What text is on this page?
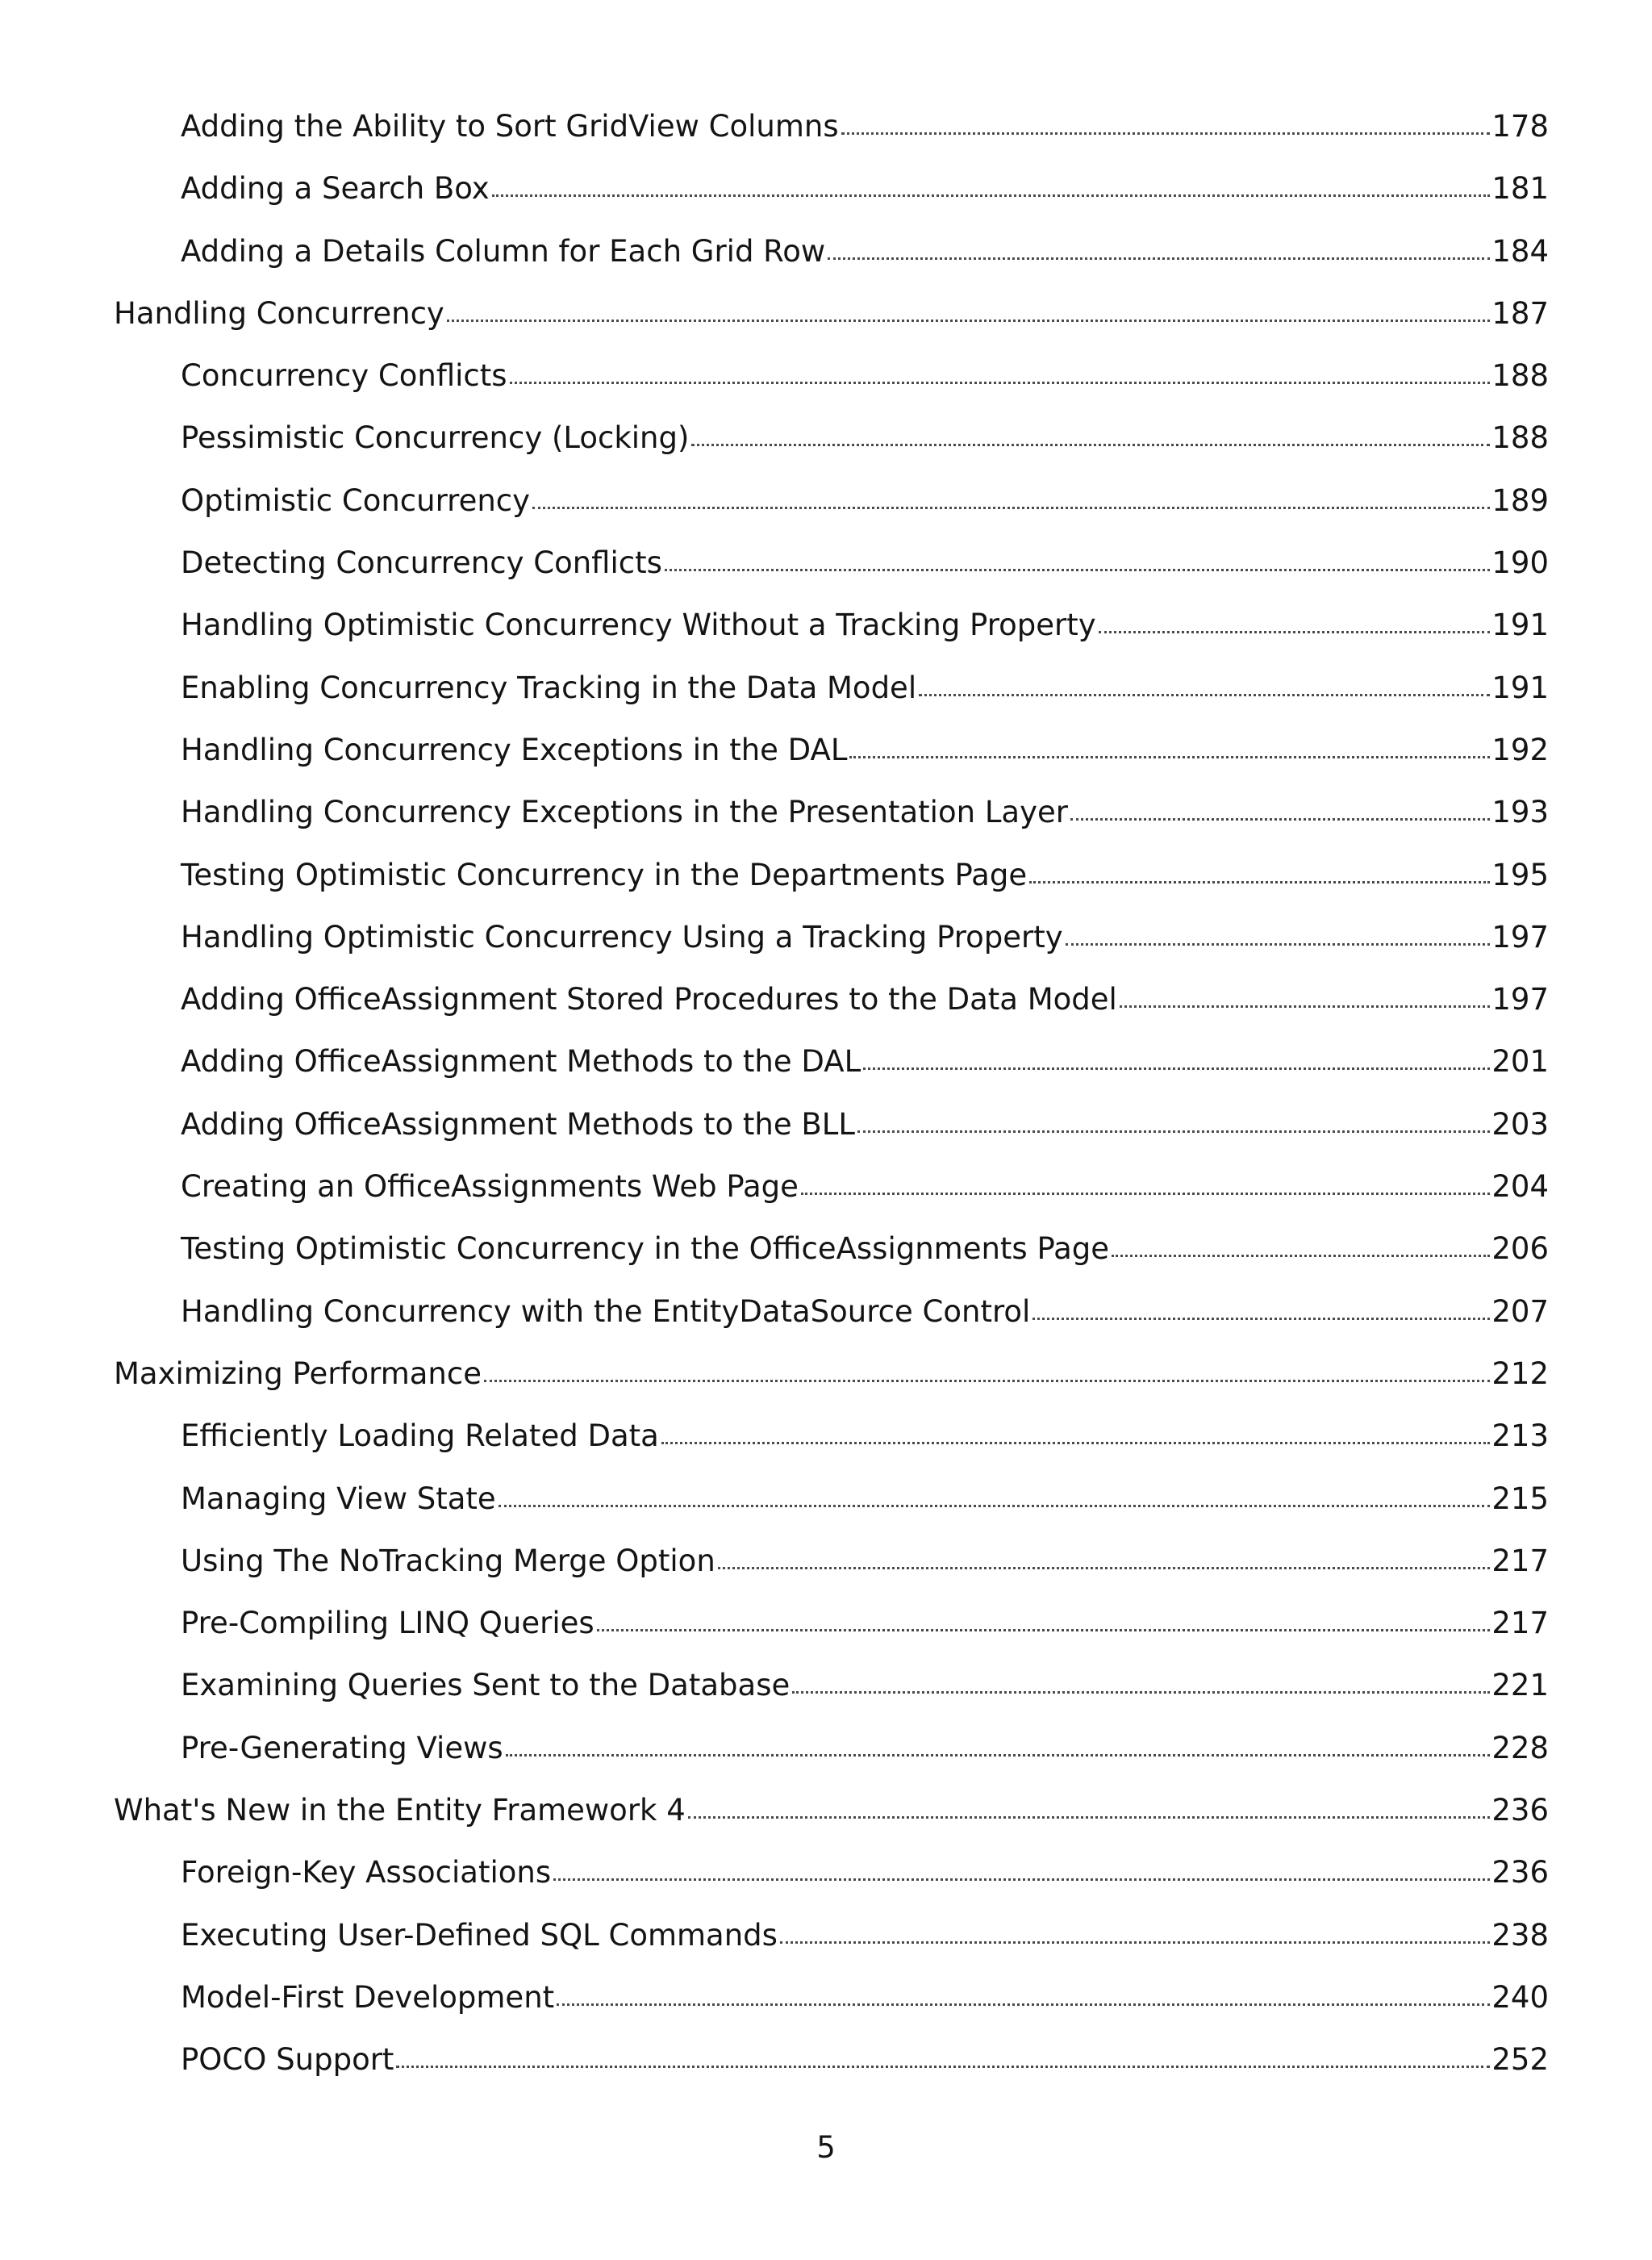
Adding the Ability to Sort GridView Columns	178
Adding a Search Box	181
Adding a Details Column for Each Grid Row	184
Handling Concurrency	187
Concurrency Conflicts	188
Pessimistic Concurrency (Locking)	188
Optimistic Concurrency	189
Detecting Concurrency Conflicts	190
Handling Optimistic Concurrency Without a Tracking Property	191
Enabling Concurrency Tracking in the Data Model	191
Handling Concurrency Exceptions in the DAL	192
Handling Concurrency Exceptions in the Presentation Layer	193
Testing Optimistic Concurrency in the Departments Page	195
Handling Optimistic Concurrency Using a Tracking Property	197
Adding OfficeAssignment Stored Procedures to the Data Model	197
Adding OfficeAssignment Methods to the DAL	201
Adding OfficeAssignment Methods to the BLL	203
Creating an OfficeAssignments Web Page	204
Testing Optimistic Concurrency in the OfficeAssignments Page	206
Handling Concurrency with the EntityDataSource Control	207
Maximizing Performance	212
Efficiently Loading Related Data	213
Managing View State	215
Using The NoTracking Merge Option	217
Pre-Compiling LINQ Queries	217
Examining Queries Sent to the Database	221
Pre-Generating Views	228
What's New in the Entity Framework 4	236
Foreign-Key Associations	236
Executing User-Defined SQL Commands	238
Model-First Development	240
POCO Support	252
5
